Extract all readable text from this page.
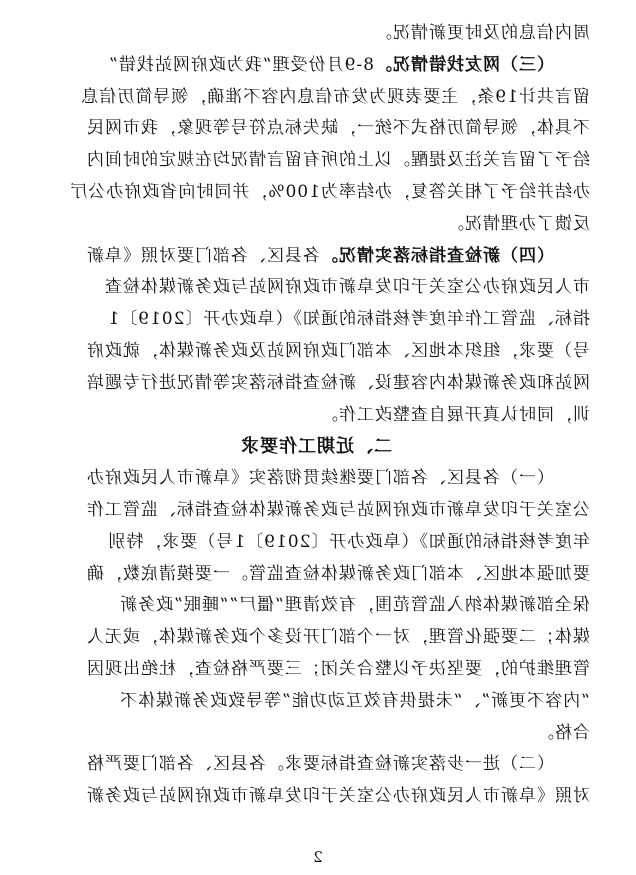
周内信息的及时更新情况。

（三）网友找错情况。8-9月份受理“我为政府网站找错”

留言共计19条，主要表现为发布信息内容不准确，领导简历信息

不具体，领导简历格式不统一，缺失标点符号等现象，我市网民

给予了留言关注及提醒。以上的所有留言情况均在规定的时间内

办结并给予了相关答复，办结率为100%，并同时向省政府办公厅

反馈了办理情况。

（四）新检查指标落实情况。各县区、各部门要对照《阜新

市人民政府办公室关于印发阜新市政府网站与政务新媒体检查

指标、监管工作年度考核指标的通知》（阜政办开〔2019〕1

号）要求，组织本地区、本部门政府网站及政务新媒体，就政府

网站和政务新媒体内容建设、新检查指标落实等情况进行专题培

训，同时认真开展自查整改工作。

二、近期工作要求

（一）各县区、各部门要继续贯彻落实《阜新市人民政府办

公室关于印发阜新市政府网站与政务新媒体检查指标、监管工作

年度考核指标的通知》（阜政办开〔2019〕1号）要求，特别

要加强本地区、本部门政务新媒体检查监管。一要摸清底数，确

保全部新媒体纳入监管范围，有效清理“僵尸”“睡眠”政务新

媒体；二要强化管理，对一个部门开设多个政务新媒体，或无人

管理维护的，要坚决予以整合关闭；三要严格检查，杜绝出现因

“内容不更新”、“未提供有效互动功能”等导致政务新媒体不

合格。

（二）进一步落实新检查指标要求。各县区、各部门要严格

对照《阜新市人民政府办公室关于印发阜新市政府网站与政务新

2
